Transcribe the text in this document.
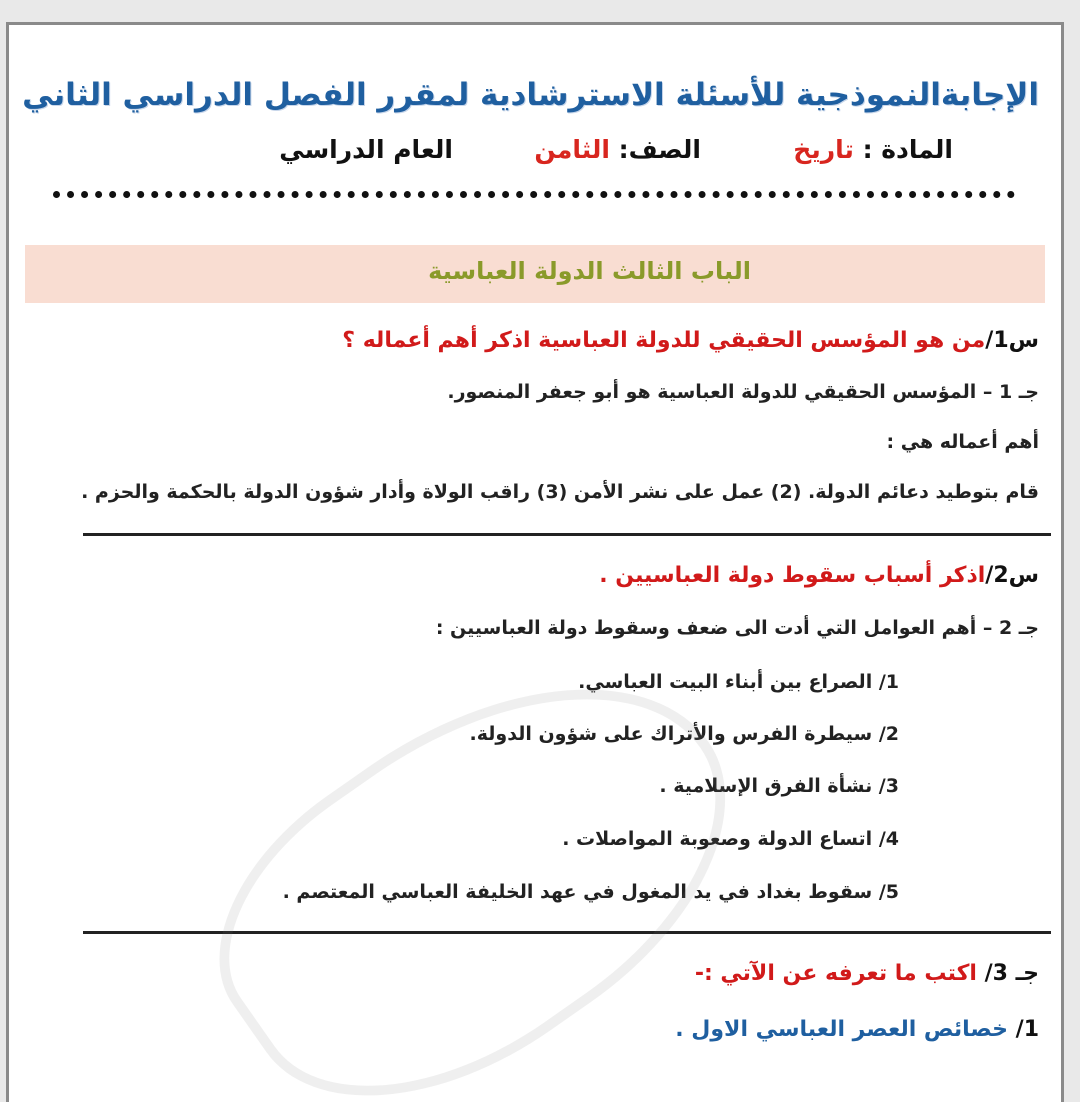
الإجابةالنموذجية للأسئلة الاسترشادية لمقرر الفصل الدراسي الثاني
المادة : تاريخ
الصف: الثامن
العام الدراسي
الباب الثالث الدولة العباسية
س1/من هو المؤسس الحقيقي للدولة العباسية اذكر أهم أعماله ؟
جـ 1 – المؤسس الحقيقي للدولة العباسية هو أبو جعفر المنصور.
أهم أعماله هي :
قام بتوطيد دعائم الدولة. (2) عمل على نشر الأمن (3) راقب الولاة وأدار شؤون الدولة بالحكمة والحزم .
س2/اذكر أسباب سقوط دولة العباسيين .
جـ 2 – أهم العوامل التي أدت الى ضعف وسقوط دولة العباسيين :
1/ الصراع بين أبناء البيت العباسي.
2/ سيطرة الفرس والأتراك على شؤون الدولة.
3/ نشأة الفرق الإسلامية .
4/ اتساع الدولة وصعوبة المواصلات .
5/ سقوط بغداد في يد المغول في عهد الخليفة العباسي المعتصم .
جـ 3/ اكتب ما تعرفه عن الآتي :-
1/ خصائص العصر العباسي الاول .
